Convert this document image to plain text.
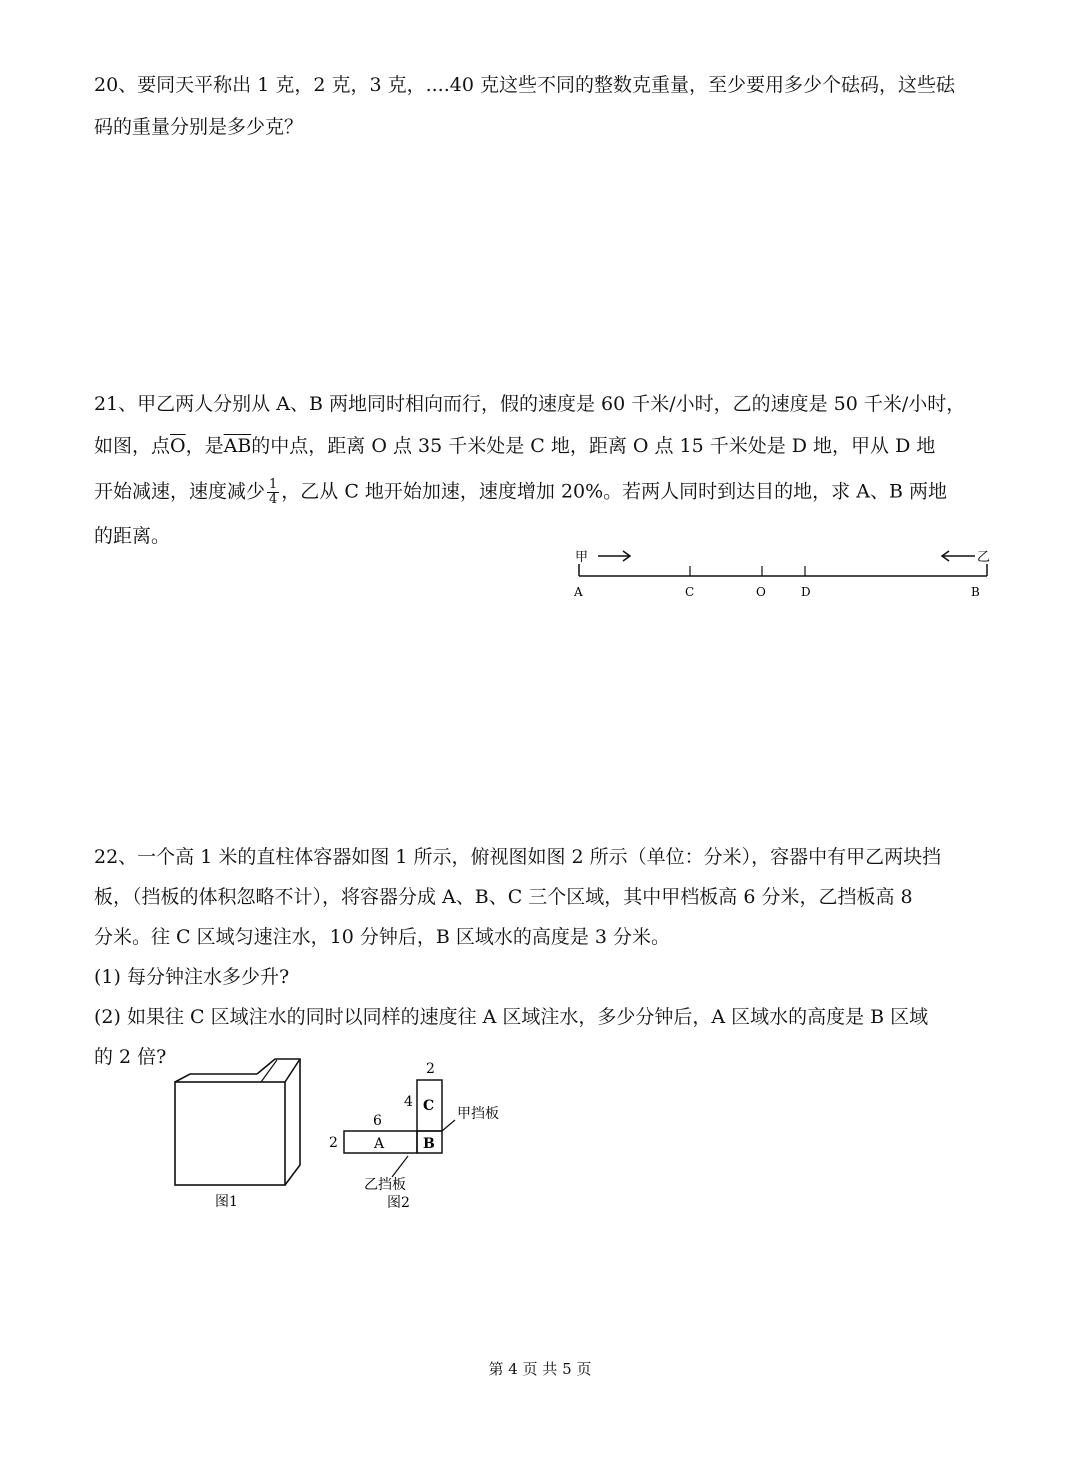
20、要同天平称出 1 克，2 克，3 克，....40 克这些不同的整数克重量，至少要用多少个砝码，这些砝
码的重量分别是多少克？
21、甲乙两人分别从 A、B 两地同时相向而行，假的速度是 60 千米/小时，乙的速度是 50 千米/小时，
如图，点$\overline{O}$，是$\overline{AB}$的中点，距离 O 点 35 千米处是 C 地，距离 O 点 15 千米处是 D 地，甲从 D 地
开始减速，速度减少 $\frac{1}{4}$ ，乙从 C 地开始加速，速度增加 20%。若两人同时到达目的地，求 A、B 两地
的距离。
甲	乙
A	C	O	D	B
22、一个高 1 米的直柱体容器如图 1 所示，俯视图如图 2 所示（单位：分米），容器中有甲乙两块挡
板，（挡板的体积忽略不计），将容器分成 A、B、C 三个区域，其中甲档板高 6 分米，乙挡板高 8
分米。往 C 区域匀速注水，10 分钟后，B 区域水的高度是 3 分米。
(1) 每分钟注水多少升?
(2) 如果往 C 区域注水的同时以同样的速度往 A 区域注水，多少分钟后，A 区域水的高度是 B 区域
的 2 倍?
图1
2
4
6
2
C
A	B
甲挡板
乙挡板
图2
第 4 页 共 5 页
